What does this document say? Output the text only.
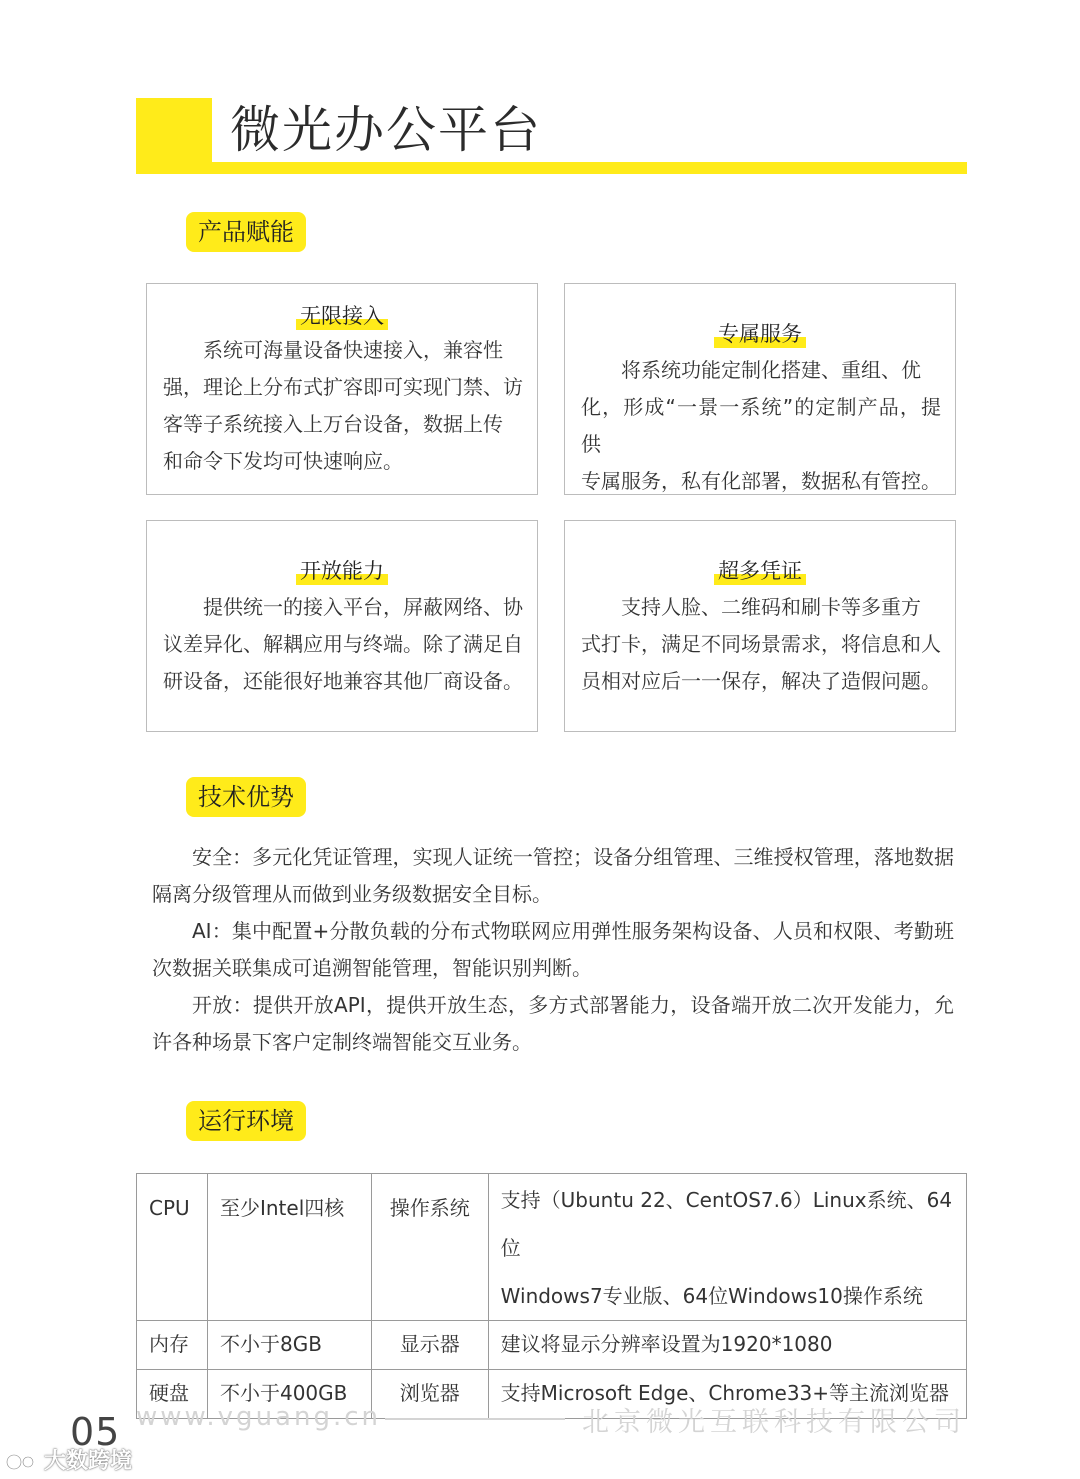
微光办公平台
产品赋能
无限接入
系统可海量设备快速接入，兼容性
强，理论上分布式扩容即可实现门禁、访
客等子系统接入上万台设备，数据上传
和命令下发均可快速响应。
专属服务
将系统功能定制化搭建、重组、优
化，形成“一景一系统”的定制产品，提供
专属服务，私有化部署，数据私有管控。
开放能力
提供统一的接入平台，屏蔽网络、协
议差异化、解耦应用与终端。除了满足自
研设备，还能很好地兼容其他厂商设备。
超多凭证
支持人脸、二维码和刷卡等多重方
式打卡，满足不同场景需求，将信息和人
员相对应后一一保存，解决了造假问题。
技术优势

安全：多元化凭证管理，实现人证统一管控；设备分组管理、三维授权管理，落地数据隔离分级管理从而做到业务级数据安全目标。

AI：集中配置+分散负载的分布式物联网应用弹性服务架构设备、人员和权限、考勤班次数据关联集成可追溯智能管理，智能识别判断。

开放：提供开放API，提供开放生态，多方式部署能力，设备端开放二次开发能力，允许各种场景下客户定制终端智能交互业务。

运行环境
CPU	至少Intel四核	操作系统	支持（Ubuntu 22、CentOS7.6）Linux系统、64位
Windows7专业版、64位Windows10操作系统

内存	不小于8GB	显示器	建议将显示分辨率设置为1920*1080
硬盘	不小于400GB	浏览器	支持Microsoft Edge、Chrome33+等主流浏览器
www.vguang.cn	北京微光互联科技有限公司
05
大数跨境
